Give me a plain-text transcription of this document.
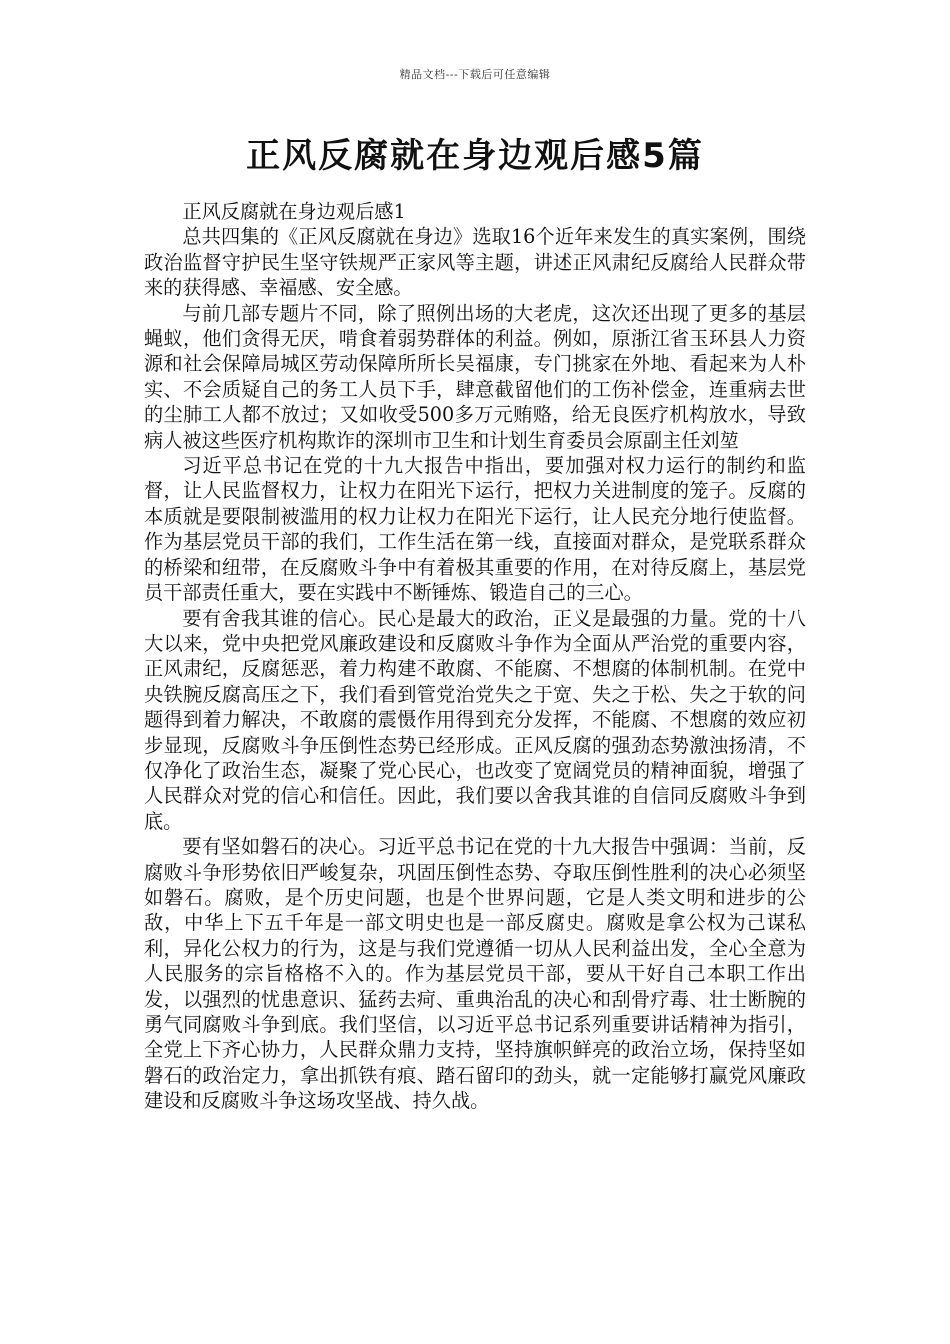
精品文档---下载后可任意编辑
正风反腐就在身边观后感5篇

正风反腐就在身边观后感1

总共四集的《正风反腐就在身边》选取16个近年来发生的真实案例，围绕政治监督守护民生坚守铁规严正家风等主题，讲述正风肃纪反腐给人民群众带来的获得感、幸福感、安全感。

与前几部专题片不同，除了照例出场的大老虎，这次还出现了更多的基层蝇蚁，他们贪得无厌，啃食着弱势群体的利益。例如，原浙江省玉环县人力资源和社会保障局城区劳动保障所所长吴福康，专门挑家在外地、看起来为人朴实、不会质疑自己的务工人员下手，肆意截留他们的工伤补偿金，连重病去世的尘肺工人都不放过；又如收受500多万元贿赂，给无良医疗机构放水，导致病人被这些医疗机构欺诈的深圳市卫生和计划生育委员会原副主任刘堃

习近平总书记在党的十九大报告中指出，要加强对权力运行的制约和监督，让人民监督权力，让权力在阳光下运行，把权力关进制度的笼子。反腐的本质就是要限制被滥用的权力让权力在阳光下运行，让人民充分地行使监督。作为基层党员干部的我们，工作生活在第一线，直接面对群众，是党联系群众的桥梁和纽带，在反腐败斗争中有着极其重要的作用，在对待反腐上，基层党员干部责任重大，要在实践中不断锤炼、锻造自己的三心。

要有舍我其谁的信心。民心是最大的政治，正义是最强的力量。党的十八大以来，党中央把党风廉政建设和反腐败斗争作为全面从严治党的重要内容，正风肃纪，反腐惩恶，着力构建不敢腐、不能腐、不想腐的体制机制。在党中央铁腕反腐高压之下，我们看到管党治党失之于宽、失之于松、失之于软的问题得到着力解决，不敢腐的震慑作用得到充分发挥，不能腐、不想腐的效应初步显现，反腐败斗争压倒性态势已经形成。正风反腐的强劲态势激浊扬清，不仅净化了政治生态，凝聚了党心民心，也改变了宽阔党员的精神面貌，增强了人民群众对党的信心和信任。因此，我们要以舍我其谁的自信同反腐败斗争到底。

要有坚如磐石的决心。习近平总书记在党的十九大报告中强调：当前，反腐败斗争形势依旧严峻复杂，巩固压倒性态势、夺取压倒性胜利的决心必须坚如磐石。腐败，是个历史问题，也是个世界问题，它是人类文明和进步的公敌，中华上下五千年是一部文明史也是一部反腐史。腐败是拿公权为己谋私利，异化公权力的行为，这是与我们党遵循一切从人民利益出发，全心全意为人民服务的宗旨格格不入的。作为基层党员干部，要从干好自己本职工作出发，以强烈的忧患意识、猛药去疴、重典治乱的决心和刮骨疗毒、壮士断腕的勇气同腐败斗争到底。我们坚信，以习近平总书记系列重要讲话精神为指引，全党上下齐心协力，人民群众鼎力支持，坚持旗帜鲜亮的政治立场，保持坚如磐石的政治定力，拿出抓铁有痕、踏石留印的劲头，就一定能够打赢党风廉政建设和反腐败斗争这场攻坚战、持久战。
